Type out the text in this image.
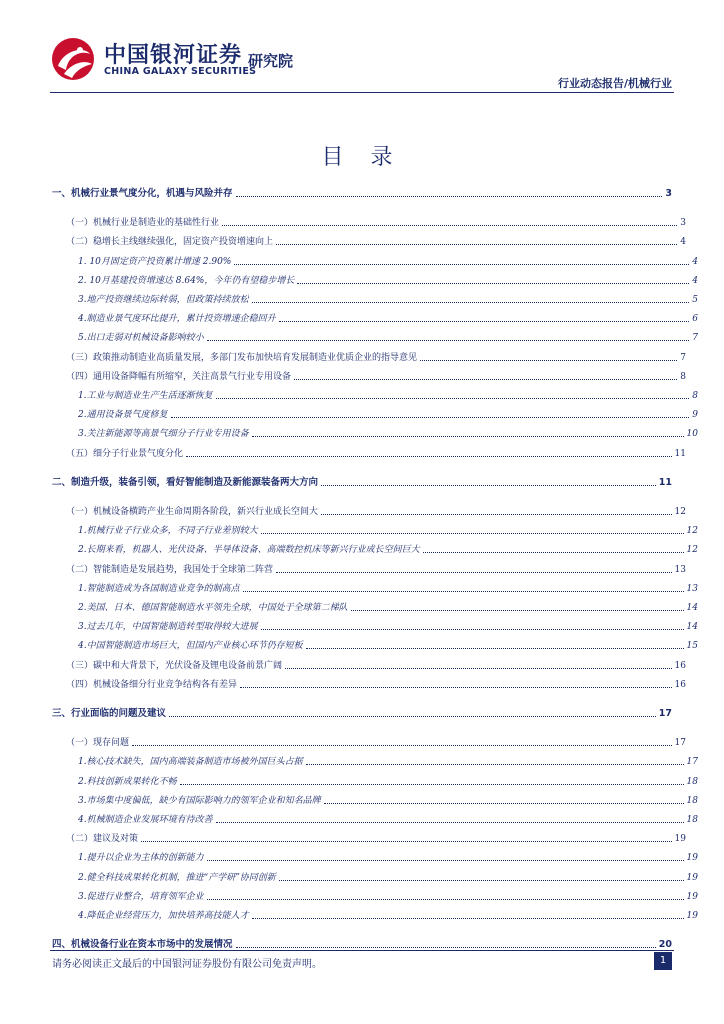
中国银河证券
CHINA GALAXY SECURITIES
研究院
行业动态报告/机械行业
目 录
一、机械行业景气度分化，机遇与风险并存	3
（一）机械行业是制造业的基础性行业	3
（二）稳增长主线继续强化，固定资产投资增速向上	4
1. 10月固定资产投资累计增速 2.90%	4
2. 10月基建投资增速达 8.64%，今年仍有望稳步增长	4
3.地产投资继续边际转弱，但政策持续放松	5
4.制造业景气度环比提升，累计投资增速企稳回升	6
5.出口走弱对机械设备影响较小	7
（三）政策推动制造业高质量发展，多部门发布加快培育发展制造业优质企业的指导意见	7
（四）通用设备降幅有所缩窄，关注高景气行业专用设备	8
1.工业与制造业生产生活逐渐恢复	8
2.通用设备景气度修复	9
3.关注新能源等高景气细分子行业专用设备	10
（五）细分子行业景气度分化	11
二、制造升级，装备引领，看好智能制造及新能源装备两大方向	11
（一）机械设备横跨产业生命周期各阶段，新兴行业成长空间大	12
1.机械行业子行业众多，不同子行业差别较大	12
2.长期来看，机器人、光伏设备、半导体设备、高端数控机床等新兴行业成长空间巨大	12
（二）智能制造是发展趋势，我国处于全球第二阵营	13
1.智能制造成为各国制造业竞争的制高点	13
2.美国、日本、德国智能制造水平领先全球，中国处于全球第二梯队	14
3.过去几年，中国智能制造转型取得较大进展	14
4.中国智能制造市场巨大，但国内产业核心环节仍存短板	15
（三）碳中和大背景下，光伏设备及锂电设备前景广阔	16
（四）机械设备细分行业竞争结构各有差异	16
三、行业面临的问题及建议	17
（一）现存问题	17
1.核心技术缺失，国内高端装备制造市场被外国巨头占据	17
2.科技创新成果转化不畅	18
3.市场集中度偏低，缺少有国际影响力的领军企业和知名品牌	18
4.机械制造企业发展环境有待改善	18
（二）建议及对策	19
1.提升以企业为主体的创新能力	19
2.健全科技成果转化机制，推进“产学研”协同创新	19
3.促进行业整合，培育领军企业	19
4.降低企业经营压力，加快培养高技能人才	19
四、机械设备行业在资本市场中的发展情况	20
请务必阅读正文最后的中国银河证券股份有限公司免责声明。	1
